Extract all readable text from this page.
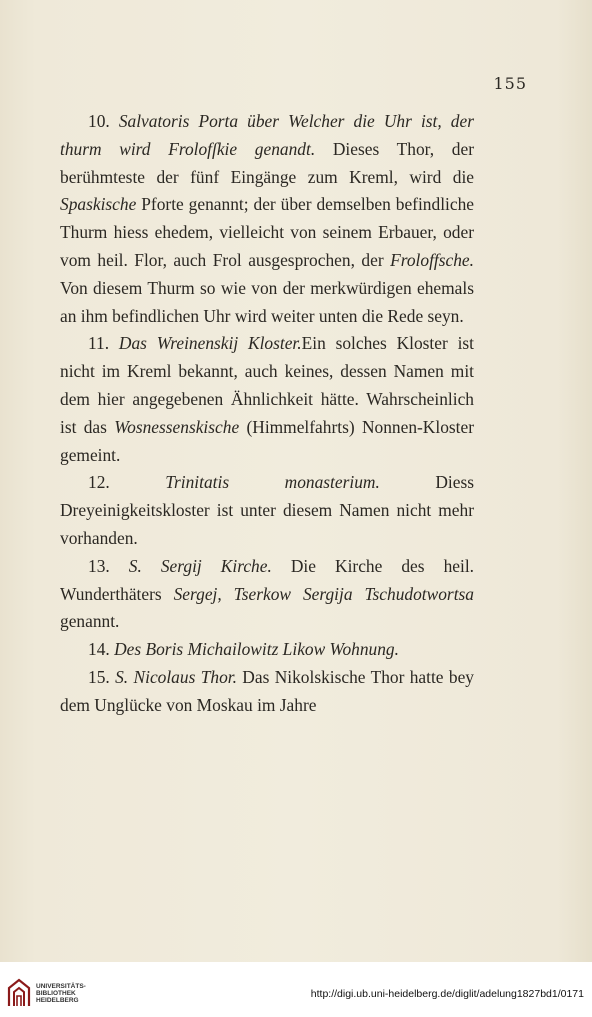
155

10. Salvatoris Porta über Welcher die Uhr ist, der thurm wird Frolofſkie genandt. Dieses Thor, der berühmteste der fünf Eingänge zum Kreml, wird die Spaskische Pforte genannt; der über demselben befindliche Thurm hiess ehedem, vielleicht von seinem Erbauer, oder vom heil. Flor, auch Frol ausgesprochen, der Froloffsche. Von diesem Thurm so wie von der merkwürdigen ehemals an ihm befindlichen Uhr wird weiter unten die Rede seyn.

11. Das Wreinenskij Kloster.Ein solches Kloster ist nicht im Kreml bekannt, auch keines, dessen Namen mit dem hier angegebenen Ähnlichkeit hätte. Wahrscheinlich ist das Wosnessenskische (Himmelfahrts) Nonnen-Kloster gemeint.

12. Trinitatis monasterium. Diess Dreyeinigkeitskloster ist unter diesem Namen nicht mehr vorhanden.

13. S. Sergij Kirche. Die Kirche des heil. Wunderthäters Sergej, Tserkow Sergija Tschudotwortsa genannt.

14. Des Boris Michailowitz Likow Wohnung.

15. S. Nicolaus Thor. Das Nikolskische Thor hatte bey dem Unglücke von Moskau im Jahre

UNIVERSITÄTS-
BIBLIOTHEK
HEIDELBERG
http://digi.ub.uni-heidelberg.de/diglit/adelung1827bd1/0171
